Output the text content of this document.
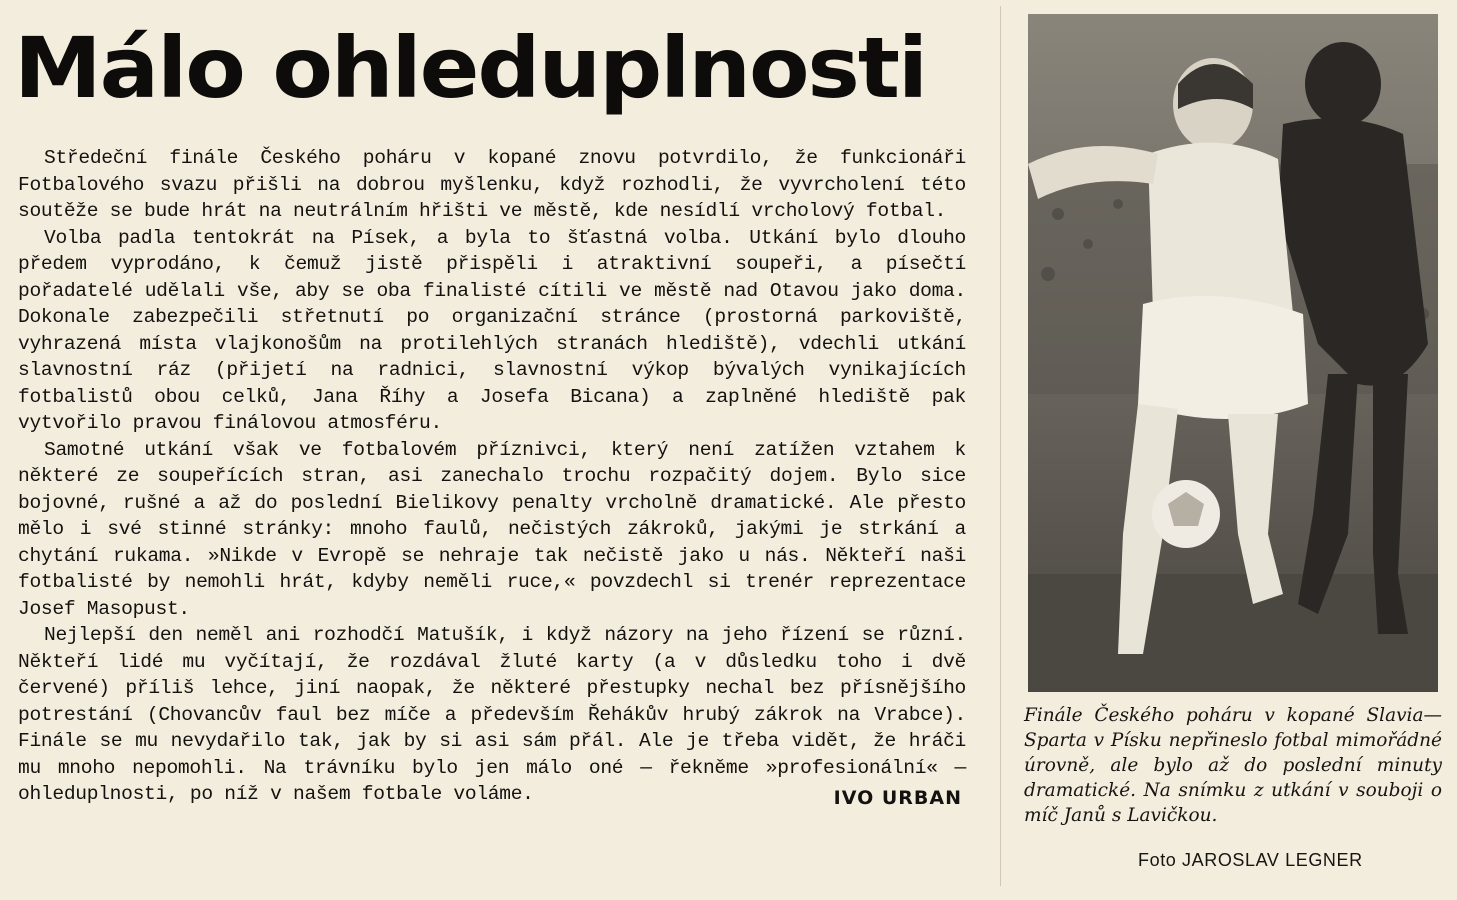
Málo ohleduplnosti

Středeční finále Českého poháru v kopané znovu potvrdilo, že funkcionáři Fotbalového svazu přišli na dobrou myšlenku, když rozhodli, že vyvrcholení této soutěže se bude hrát na neutrálním hřišti ve městě, kde nesídlí vrcholový fotbal.

Volba padla tentokrát na Písek, a byla to šťastná volba. Utkání bylo dlouho předem vyprodáno, k čemuž jistě přispěli i atraktivní soupeři, a písečtí pořadatelé udělali vše, aby se oba finalisté cítili ve městě nad Otavou jako doma. Dokonale zabezpečili střetnutí po organizační stránce (prostorná parkoviště, vyhrazená místa vlajkonošům na protilehlých stranách hlediště), vdechli utkání slavnostní ráz (přijetí na radnici, slavnostní výkop bývalých vynikajících fotbalistů obou celků, Jana Říhy a Josefa Bicana) a zaplněné hlediště pak vytvořilo pravou finálovou atmosféru.

Samotné utkání však ve fotbalovém příznivci, který není zatížen vztahem k některé ze soupeřících stran, asi zanechalo trochu rozpačitý dojem. Bylo sice bojovné, rušné a až do poslední Bielikovy penalty vrcholně dramatické. Ale přesto mělo i své stinné stránky: mnoho faulů, nečistých zákroků, jakými je strkání a chytání rukama. »Nikde v Evropě se nehraje tak nečistě jako u nás. Někteří naši fotbalisté by nemohli hrát, kdyby neměli ruce,« povzdechl si trenér reprezentace Josef Masopust.

Nejlepší den neměl ani rozhodčí Matušík, i když názory na jeho řízení se různí. Někteří lidé mu vyčítají, že rozdával žluté karty (a v důsledku toho i dvě červené) příliš lehce, jiní naopak, že některé přestupky nechal bez přísnějšího potrestání (Chovancův faul bez míče a především Řehákův hrubý zákrok na Vrabce). Finále se mu nevydařilo tak, jak by si asi sám přál. Ale je třeba vidět, že hráči mu mnoho nepomohli. Na trávníku bylo jen málo oné — řekněme »profesionální« — ohleduplnosti, po níž v našem fotbale voláme.	IVO URBAN
Finále Českého poháru v kopané Slavia—Sparta v Písku nepřineslo fotbal mimořádné úrovně, ale bylo až do poslední minuty dramatické. Na snímku z utkání v souboji o míč Janů s Lavičkou.
Foto JAROSLAV LEGNER
